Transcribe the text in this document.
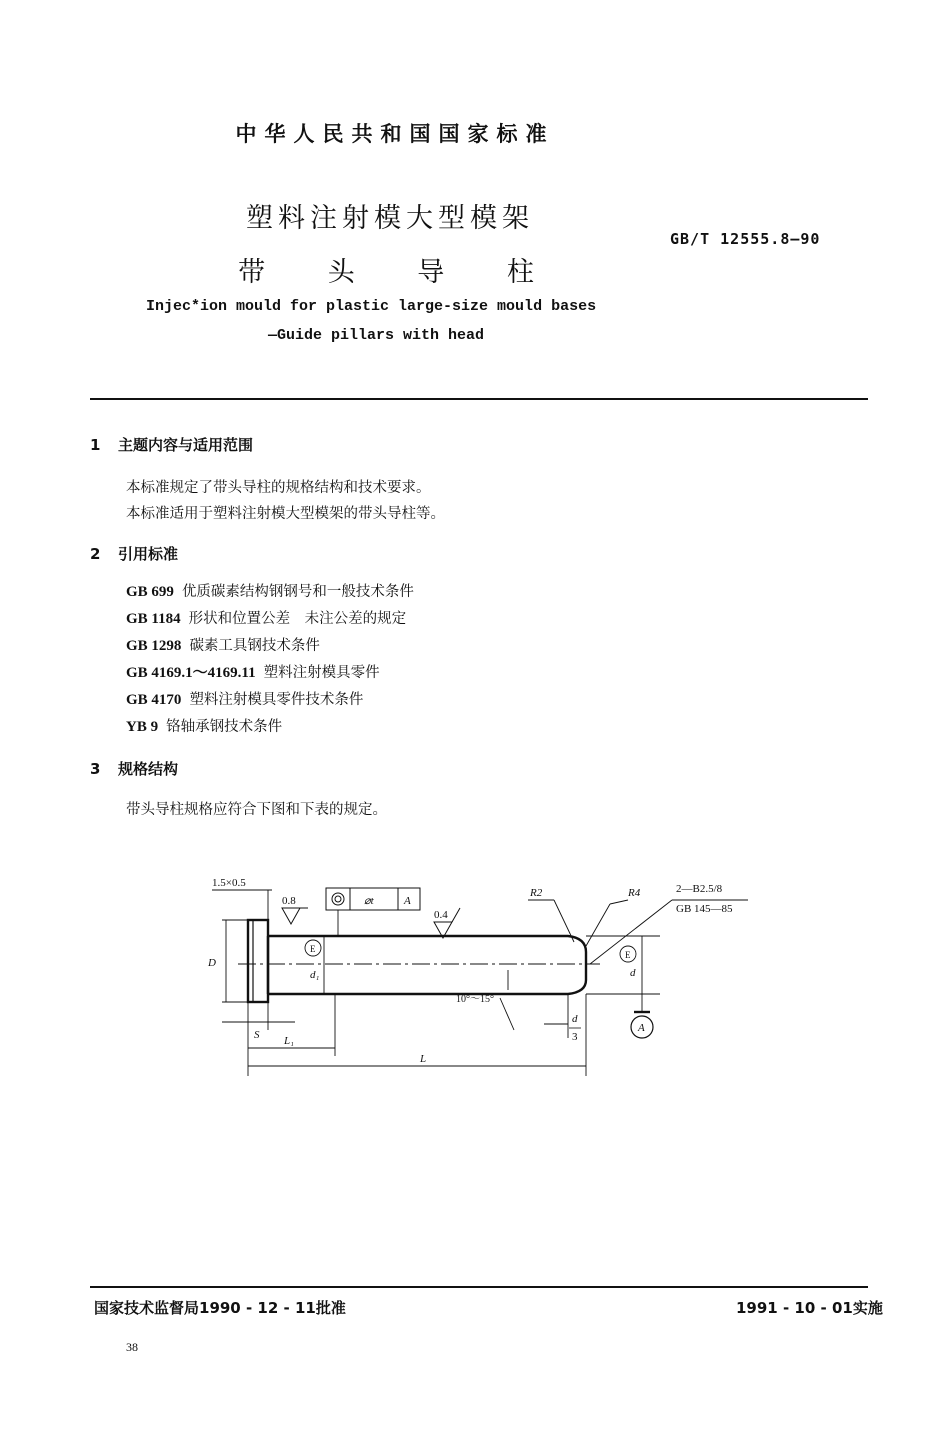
中华人民共和国国家标准
塑料注射模大型模架
带 头 导 柱
GB/T 12555.8—90
Injec*ion mould for plastic large-size mould bases
—Guide pillars with head
1 主题内容与适用范围
本标准规定了带头导柱的规格结构和技术要求。
本标准适用于塑料注射模大型模架的带头导柱等。
2 引用标准
GB 699 优质碳素结构钢钢号和一般技术条件
GB 1184 形状和位置公差　未注公差的规定
GB 1298 碳素工具钢技术条件
GB 4169.1～4169.11 塑料注射模具零件
GB 4170 塑料注射模具零件技术条件
YB 9 铬轴承钢技术条件
3 规格结构
带头导柱规格应符合下图和下表的规定。
1.5×0.5
0.8
0.4
⌀t	A
R2	R4	2—B2.5/8
GB 145—85
D
d₁
E
E
d
10°～15°
S L₁
L
d
3
A
国家技术监督局1990 - 12 - 11批准	1991 - 10 - 01实施
38
